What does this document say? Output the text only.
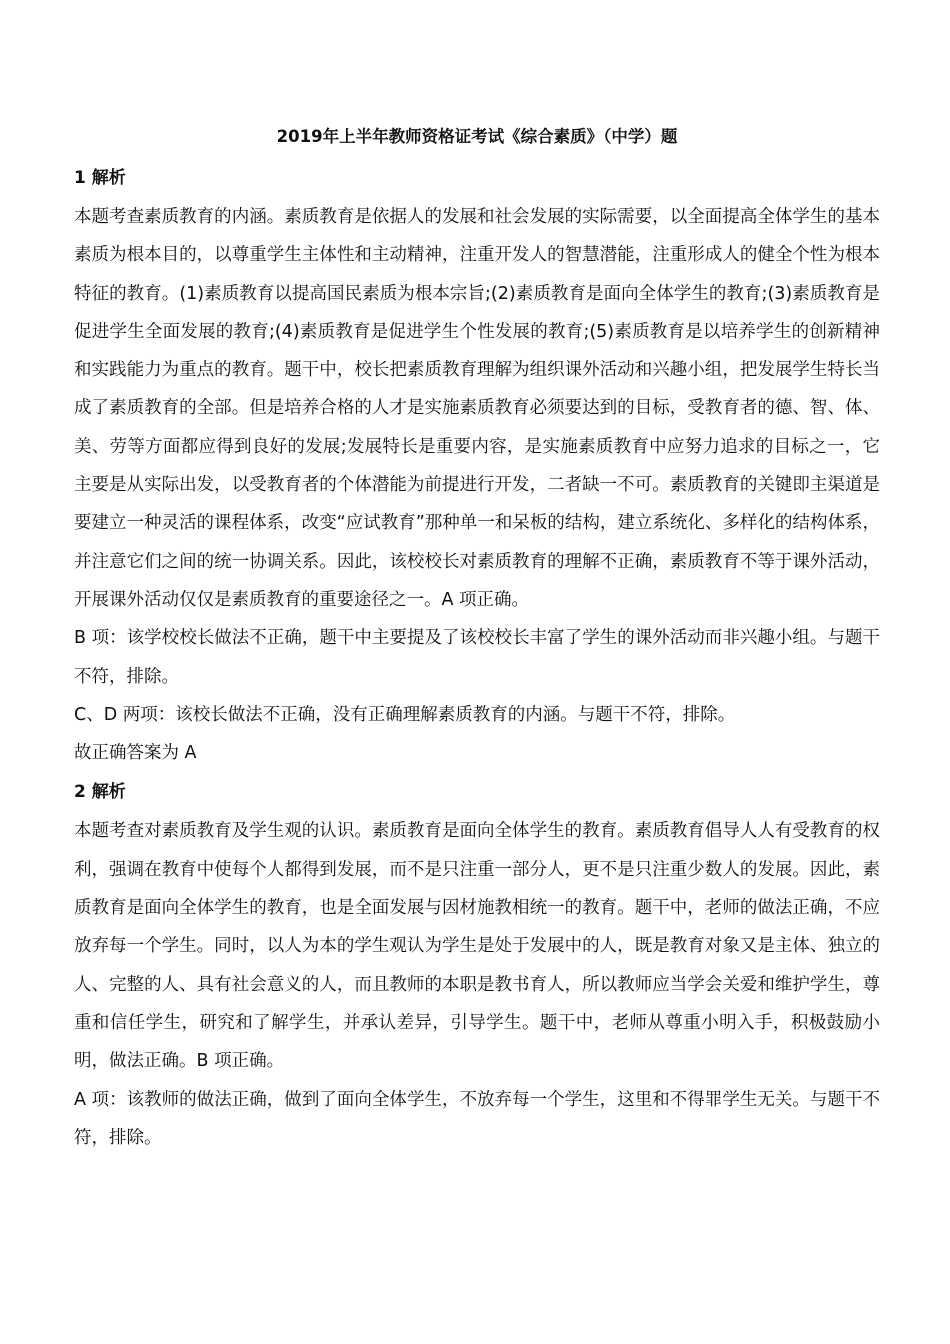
2019年上半年教师资格证考试《综合素质》（中学）题
1 解析

本题考查素质教育的内涵。素质教育是依据人的发展和社会发展的实际需要，以全面提高全体学生的基本素质为根本目的，以尊重学生主体性和主动精神，注重开发人的智慧潜能，注重形成人的健全个性为根本特征的教育。(1)素质教育以提高国民素质为根本宗旨;(2)素质教育是面向全体学生的教育;(3)素质教育是促进学生全面发展的教育;(4)素质教育是促进学生个性发展的教育;(5)素质教育是以培养学生的创新精神和实践能力为重点的教育。题干中，校长把素质教育理解为组织课外活动和兴趣小组，把发展学生特长当成了素质教育的全部。但是培养合格的人才是实施素质教育必须要达到的目标，受教育者的德、智、体、美、劳等方面都应得到良好的发展;发展特长是重要内容，是实施素质教育中应努力追求的目标之一，它主要是从实际出发，以受教育者的个体潜能为前提进行开发，二者缺一不可。素质教育的关键即主渠道是要建立一种灵活的课程体系，改变“应试教育”那种单一和呆板的结构，建立系统化、多样化的结构体系，并注意它们之间的统一协调关系。因此，该校校长对素质教育的理解不正确，素质教育不等于课外活动，开展课外活动仅仅是素质教育的重要途径之一。A 项正确。

B 项：该学校校长做法不正确，题干中主要提及了该校校长丰富了学生的课外活动而非兴趣小组。与题干不符，排除。

C、D 两项：该校长做法不正确，没有正确理解素质教育的内涵。与题干不符，排除。

故正确答案为 A

2 解析

本题考查对素质教育及学生观的认识。素质教育是面向全体学生的教育。素质教育倡导人人有受教育的权利，强调在教育中使每个人都得到发展，而不是只注重一部分人，更不是只注重少数人的发展。因此，素质教育是面向全体学生的教育，也是全面发展与因材施教相统一的教育。题干中，老师的做法正确，不应放弃每一个学生。同时，以人为本的学生观认为学生是处于发展中的人，既是教育对象又是主体、独立的人、完整的人、具有社会意义的人，而且教师的本职是教书育人，所以教师应当学会关爱和维护学生，尊重和信任学生，研究和了解学生，并承认差异，引导学生。题干中，老师从尊重小明入手，积极鼓励小明，做法正确。B 项正确。

A 项：该教师的做法正确，做到了面向全体学生，不放弃每一个学生，这里和不得罪学生无关。与题干不符，排除。
